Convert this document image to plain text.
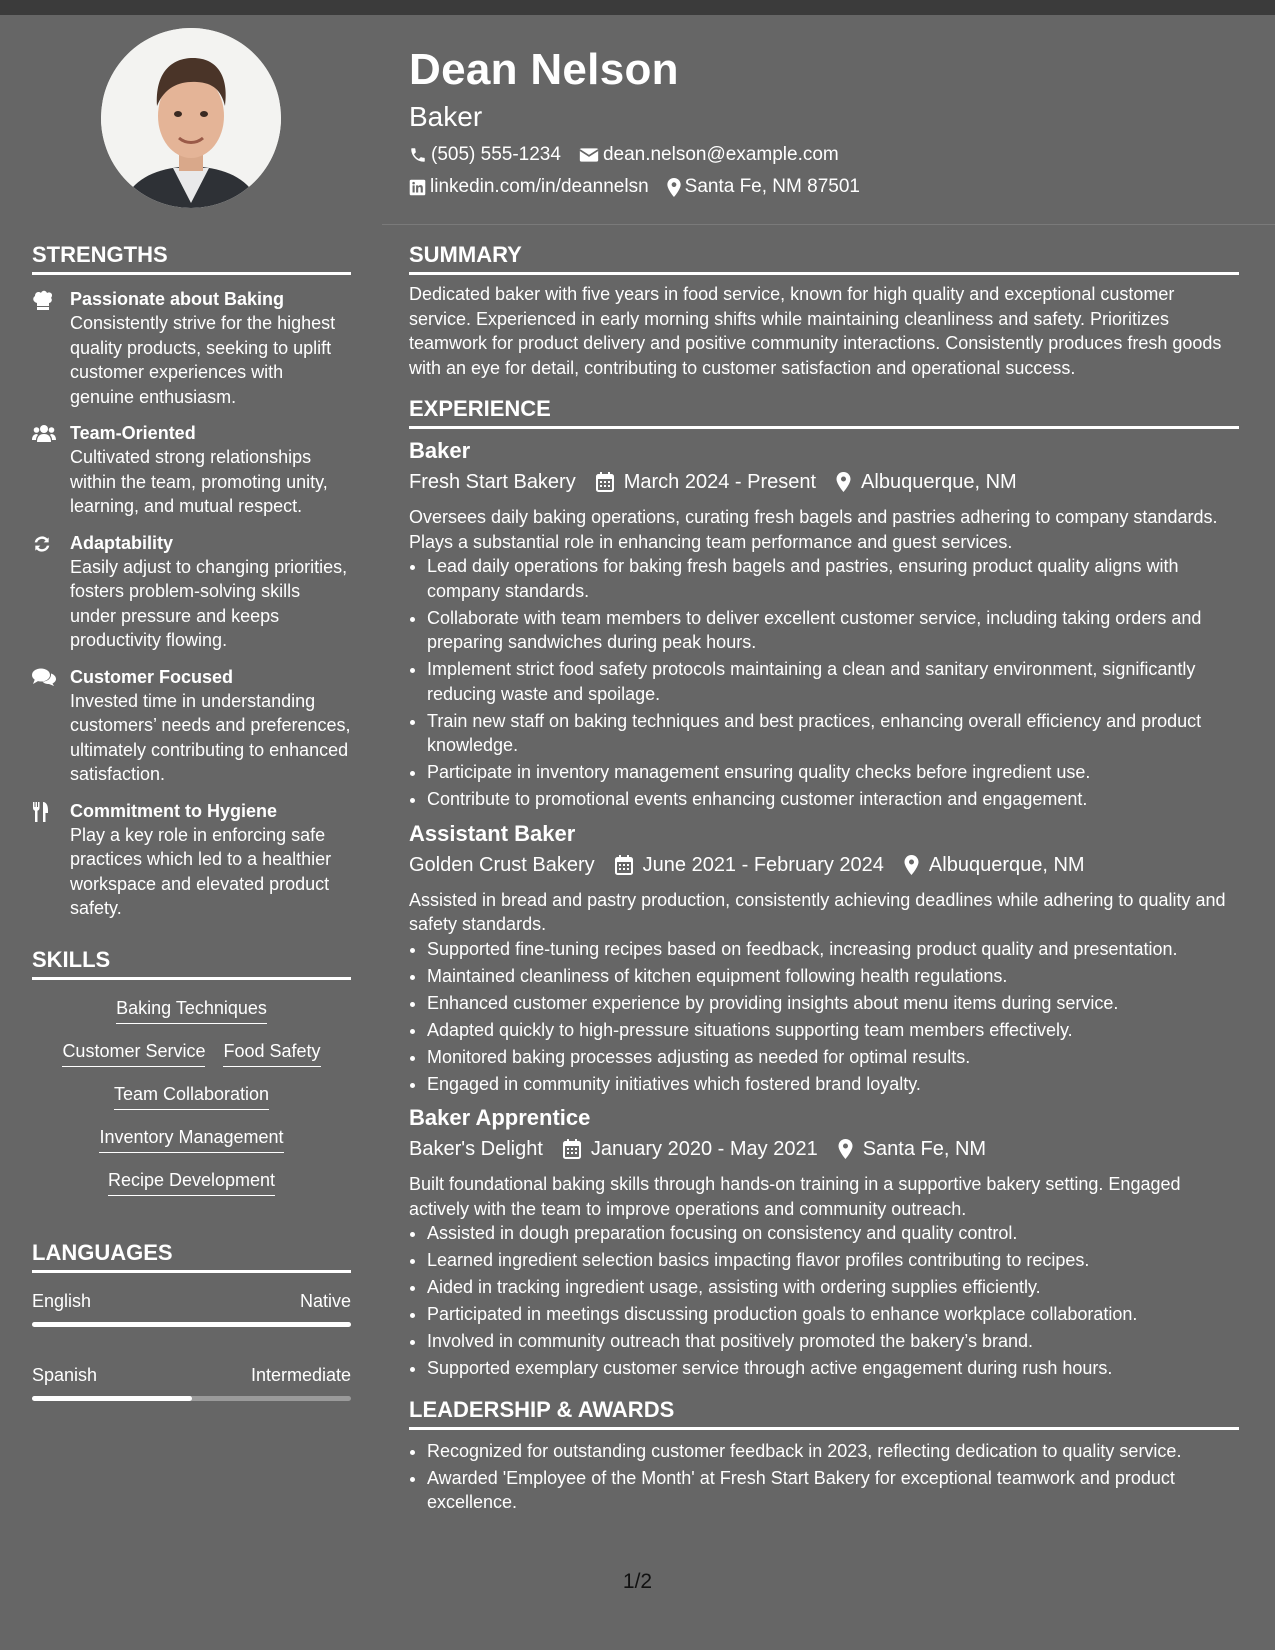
Dean Nelson
Baker
(505) 555-1234 dean.nelson@example.com
linkedin.com/in/deannelsn Santa Fe, NM 87501
STRENGTHS
Passionate about Baking
Consistently strive for the highest quality products, seeking to uplift customer experiences with genuine enthusiasm.
Team-Oriented
Cultivated strong relationships within the team, promoting unity, learning, and mutual respect.
Adaptability
Easily adjust to changing priorities, fosters problem-solving skills under pressure and keeps productivity flowing.
Customer Focused
Invested time in understanding customers’ needs and preferences, ultimately contributing to enhanced satisfaction.
Commitment to Hygiene
Play a key role in enforcing safe practices which led to a healthier workspace and elevated product safety.
SKILLS
Baking Techniques
Customer Service Food Safety
Team Collaboration
Inventory Management
Recipe Development
LANGUAGES
English	Native
Spanish	Intermediate
SUMMARY

Dedicated baker with five years in food service, known for high quality and exceptional customer service. Experienced in early morning shifts while maintaining cleanliness and safety. Prioritizes teamwork for product delivery and positive community interactions. Consistently produces fresh goods with an eye for detail, contributing to customer satisfaction and operational success.

EXPERIENCE
Baker
Fresh Start Bakery March 2024 - Present Albuquerque, NM

Oversees daily baking operations, curating fresh bagels and pastries adhering to company standards. Plays a substantial role in enhancing team performance and guest services.

• Lead daily operations for baking fresh bagels and pastries, ensuring product quality aligns with company standards.
• Collaborate with team members to deliver excellent customer service, including taking orders and preparing sandwiches during peak hours.
• Implement strict food safety protocols maintaining a clean and sanitary environment, significantly reducing waste and spoilage.
• Train new staff on baking techniques and best practices, enhancing overall efficiency and product knowledge.
• Participate in inventory management ensuring quality checks before ingredient use.
• Contribute to promotional events enhancing customer interaction and engagement.
Assistant Baker
Golden Crust Bakery June 2021 - February 2024 Albuquerque, NM

Assisted in bread and pastry production, consistently achieving deadlines while adhering to quality and safety standards.

• Supported fine-tuning recipes based on feedback, increasing product quality and presentation.
• Maintained cleanliness of kitchen equipment following health regulations.
• Enhanced customer experience by providing insights about menu items during service.
• Adapted quickly to high-pressure situations supporting team members effectively.
• Monitored baking processes adjusting as needed for optimal results.
• Engaged in community initiatives which fostered brand loyalty.
Baker Apprentice
Baker's Delight January 2020 - May 2021 Santa Fe, NM

Built foundational baking skills through hands-on training in a supportive bakery setting. Engaged actively with the team to improve operations and community outreach.

• Assisted in dough preparation focusing on consistency and quality control.
• Learned ingredient selection basics impacting flavor profiles contributing to recipes.
• Aided in tracking ingredient usage, assisting with ordering supplies efficiently.
• Participated in meetings discussing production goals to enhance workplace collaboration.
• Involved in community outreach that positively promoted the bakery’s brand.
• Supported exemplary customer service through active engagement during rush hours.
LEADERSHIP & AWARDS
• Recognized for outstanding customer feedback in 2023, reflecting dedication to quality service.
• Awarded 'Employee of the Month' at Fresh Start Bakery for exceptional teamwork and product excellence.
1/2
